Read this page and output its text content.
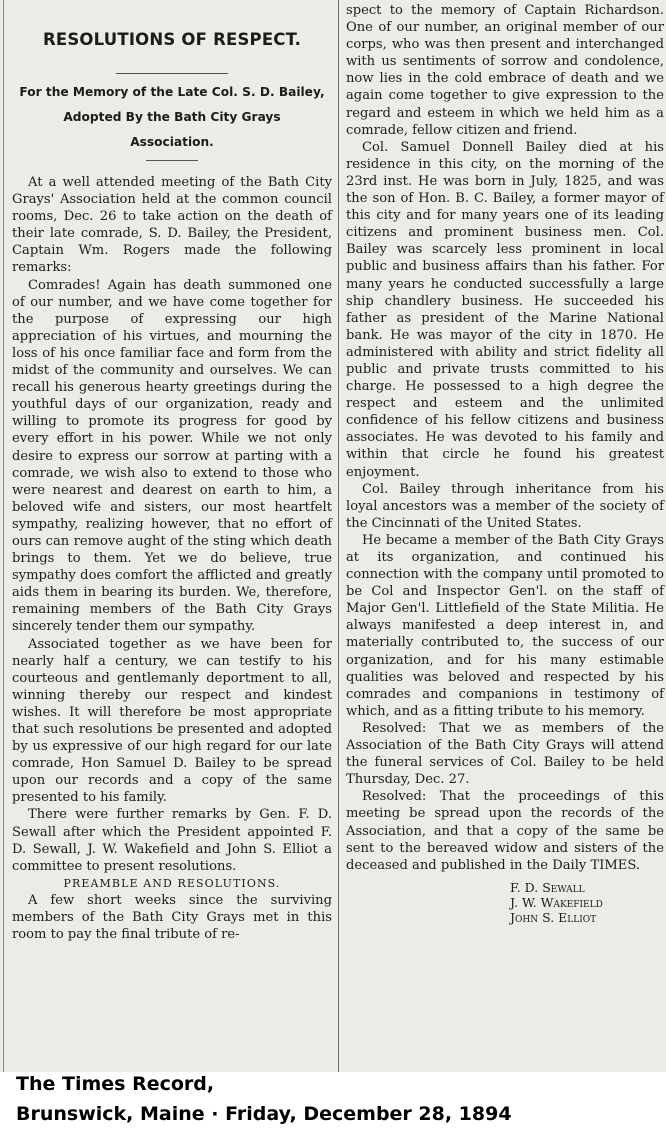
RESOLUTIONS OF RESPECT.
For the Memory of the Late Col. S. D. Bailey,
Adopted By the Bath City Grays
Association.

At a well attended meeting of the Bath City Grays' Association held at the common council rooms, Dec. 26 to take action on the death of their late comrade, S. D. Bailey, the President, Captain Wm. Rogers made the following remarks:

Comrades! Again has death summoned one of our number, and we have come together for the purpose of expressing our high appreciation of his virtues, and mourning the loss of his once familiar face and form from the midst of the community and ourselves. We can recall his generous hearty greetings during the youthful days of our organization, ready and willing to promote its progress for good by every effort in his power. While we not only desire to express our sorrow at parting with a comrade, we wish also to extend to those who were nearest and dearest on earth to him, a beloved wife and sisters, our most heartfelt sympathy, realizing however, that no effort of ours can remove aught of the sting which death brings to them. Yet we do believe, true sympathy does comfort the afflicted and greatly aids them in bearing its burden. We, therefore, remaining members of the Bath City Grays sincerely tender them our sympathy.

Associated together as we have been for nearly half a century, we can testify to his courteous and gentlemanly deportment to all, winning thereby our respect and kindest wishes. It will therefore be most appropriate that such resolutions be presented and adopted by us expressive of our high regard for our late comrade, Hon Samuel D. Bailey to be spread upon our records and a copy of the same presented to his family.

There were further remarks by Gen. F. D. Sewall after which the President appointed F. D. Sewall, J. W. Wakefield and John S. Elliot a committee to present resolutions.

PREAMBLE AND RESOLUTIONS.

A few short weeks since the surviving members of the Bath City Grays met in this room to pay the final tribute of re-

spect to the memory of Captain Richardson. One of our number, an original member of our corps, who was then present and interchanged with us sentiments of sorrow and condolence, now lies in the cold embrace of death and we again come together to give expression to the regard and esteem in which we held him as a comrade, fellow citizen and friend.

Col. Samuel Donnell Bailey died at his residence in this city, on the morning of the 23rd inst. He was born in July, 1825, and was the son of Hon. B. C. Bailey, a former mayor of this city and for many years one of its leading citizens and prominent business men. Col. Bailey was scarcely less prominent in local public and business affairs than his father. For many years he conducted successfully a large ship chandlery business. He succeeded his father as president of the Marine National bank. He was mayor of the city in 1870. He administered with ability and strict fidelity all public and private trusts committed to his charge. He possessed to a high degree the respect and esteem and the unlimited confidence of his fellow citizens and business associates. He was devoted to his family and within that circle he found his greatest enjoyment.

Col. Bailey through inheritance from his loyal ancestors was a member of the society of the Cincinnati of the United States.

He became a member of the Bath City Grays at its organization, and continued his connection with the company until promoted to be Col and Inspector Gen'l. on the staff of Major Gen'l. Littlefield of the State Militia. He always manifested a deep interest in, and materially contributed to, the success of our organization, and for his many estimable qualities was beloved and respected by his comrades and companions in testimony of which, and as a fitting tribute to his memory.

Resolved: That we as members of the Association of the Bath City Grays will attend the funeral services of Col. Bailey to be held Thursday, Dec. 27.

Resolved: That the proceedings of this meeting be spread upon the records of the Association, and that a copy of the same be sent to the bereaved widow and sisters of the deceased and published in the Daily TIMES.

F. D. Sewall
J. W. Wakefield
John S. Elliot
The Times Record,
Brunswick, Maine · Friday, December 28, 1894
